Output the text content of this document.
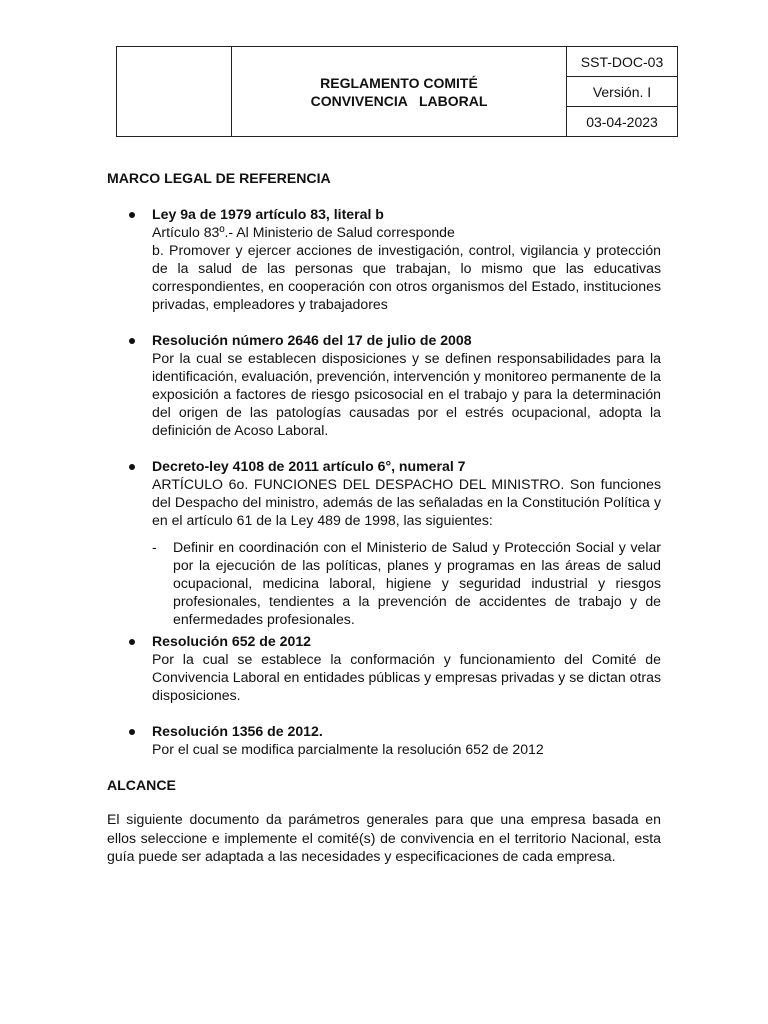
REGLAMENTO COMITÉ
CONVIVENCIA   LABORAL
	SST-DOC-03
Versión. I
03-04-2023
MARCO LEGAL DE REFERENCIA
Ley 9a de 1979 artículo 83, literal b
Artículo 83º.- Al Ministerio de Salud corresponde
b. Promover y ejercer acciones de investigación, control, vigilancia y protección de la salud de las personas que trabajan, lo mismo que las educativas correspondientes, en cooperación con otros organismos del Estado, instituciones privadas, empleadores y trabajadores
Resolución número 2646 del 17 de julio de 2008
Por la cual se establecen disposiciones y se definen responsabilidades para la identificación, evaluación, prevención, intervención y monitoreo permanente de la exposición a factores de riesgo psicosocial en el trabajo y para la determinación del origen de las patologías causadas por el estrés ocupacional, adopta la definición de Acoso Laboral.
Decreto-ley 4108 de 2011 artículo 6°, numeral 7
ARTÍCULO 6o. FUNCIONES DEL DESPACHO DEL MINISTRO. Son funciones del Despacho del ministro, además de las señaladas en la Constitución Política y en el artículo 61 de la Ley 489 de 1998, las siguientes:
- Definir en coordinación con el Ministerio de Salud y Protección Social y velar por la ejecución de las políticas, planes y programas en las áreas de salud ocupacional, medicina laboral, higiene y seguridad industrial y riesgos profesionales, tendientes a la prevención de accidentes de trabajo y de enfermedades profesionales.
Resolución 652 de 2012
Por la cual se establece la conformación y funcionamiento del Comité de Convivencia Laboral en entidades públicas y empresas privadas y se dictan otras disposiciones.
Resolución 1356 de 2012.
Por el cual se modifica parcialmente la resolución 652 de 2012
ALCANCE
El siguiente documento da parámetros generales para que una empresa basada en ellos seleccione e implemente el comité(s) de convivencia en el territorio Nacional, esta guía puede ser adaptada a las necesidades y especificaciones de cada empresa.
